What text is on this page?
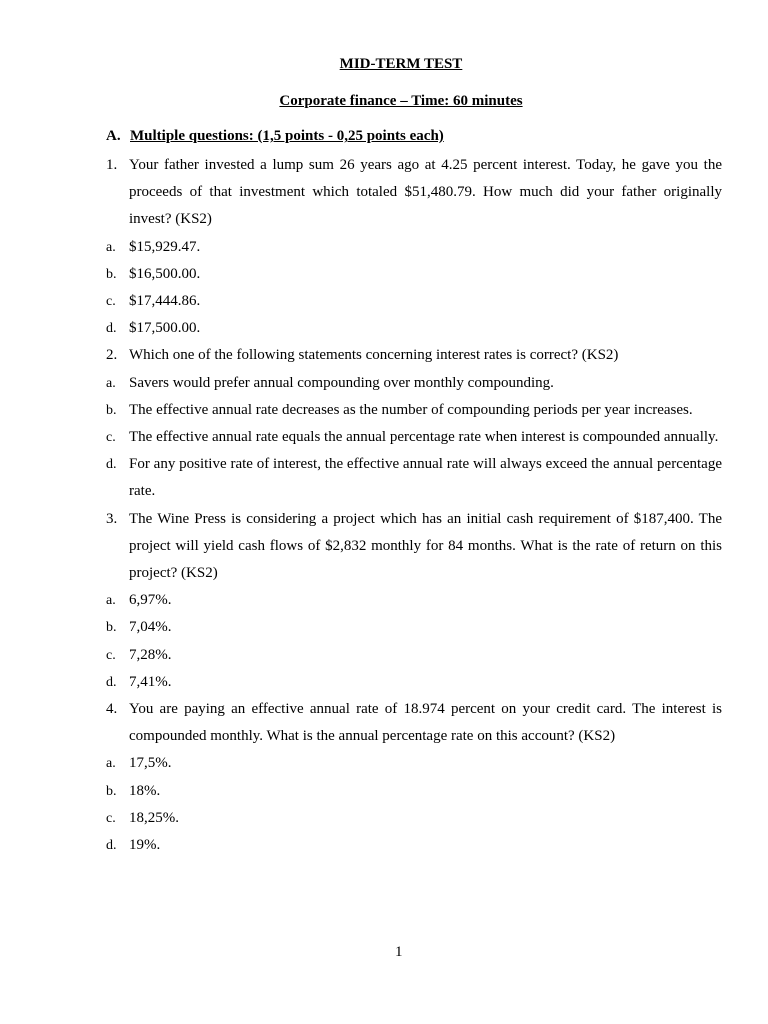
MID-TERM TEST
Corporate finance – Time: 60 minutes
A. Multiple questions: (1,5 points - 0,25 points each)
1. Your father invested a lump sum 26 years ago at 4.25 percent interest. Today, he gave you the proceeds of that investment which totaled $51,480.79. How much did your father originally invest? (KS2)
a. $15,929.47.
b. $16,500.00.
c. $17,444.86.
d. $17,500.00.
2. Which one of the following statements concerning interest rates is correct? (KS2)
a. Savers would prefer annual compounding over monthly compounding.
b. The effective annual rate decreases as the number of compounding periods per year increases.
c. The effective annual rate equals the annual percentage rate when interest is compounded annually.
d. For any positive rate of interest, the effective annual rate will always exceed the annual percentage rate.
3. The Wine Press is considering a project which has an initial cash requirement of $187,400. The project will yield cash flows of $2,832 monthly for 84 months. What is the rate of return on this project? (KS2)
a. 6,97%.
b. 7,04%.
c. 7,28%.
d. 7,41%.
4. You are paying an effective annual rate of 18.974 percent on your credit card. The interest is compounded monthly. What is the annual percentage rate on this account? (KS2)
a. 17,5%.
b. 18%.
c. 18,25%.
d. 19%.
1
